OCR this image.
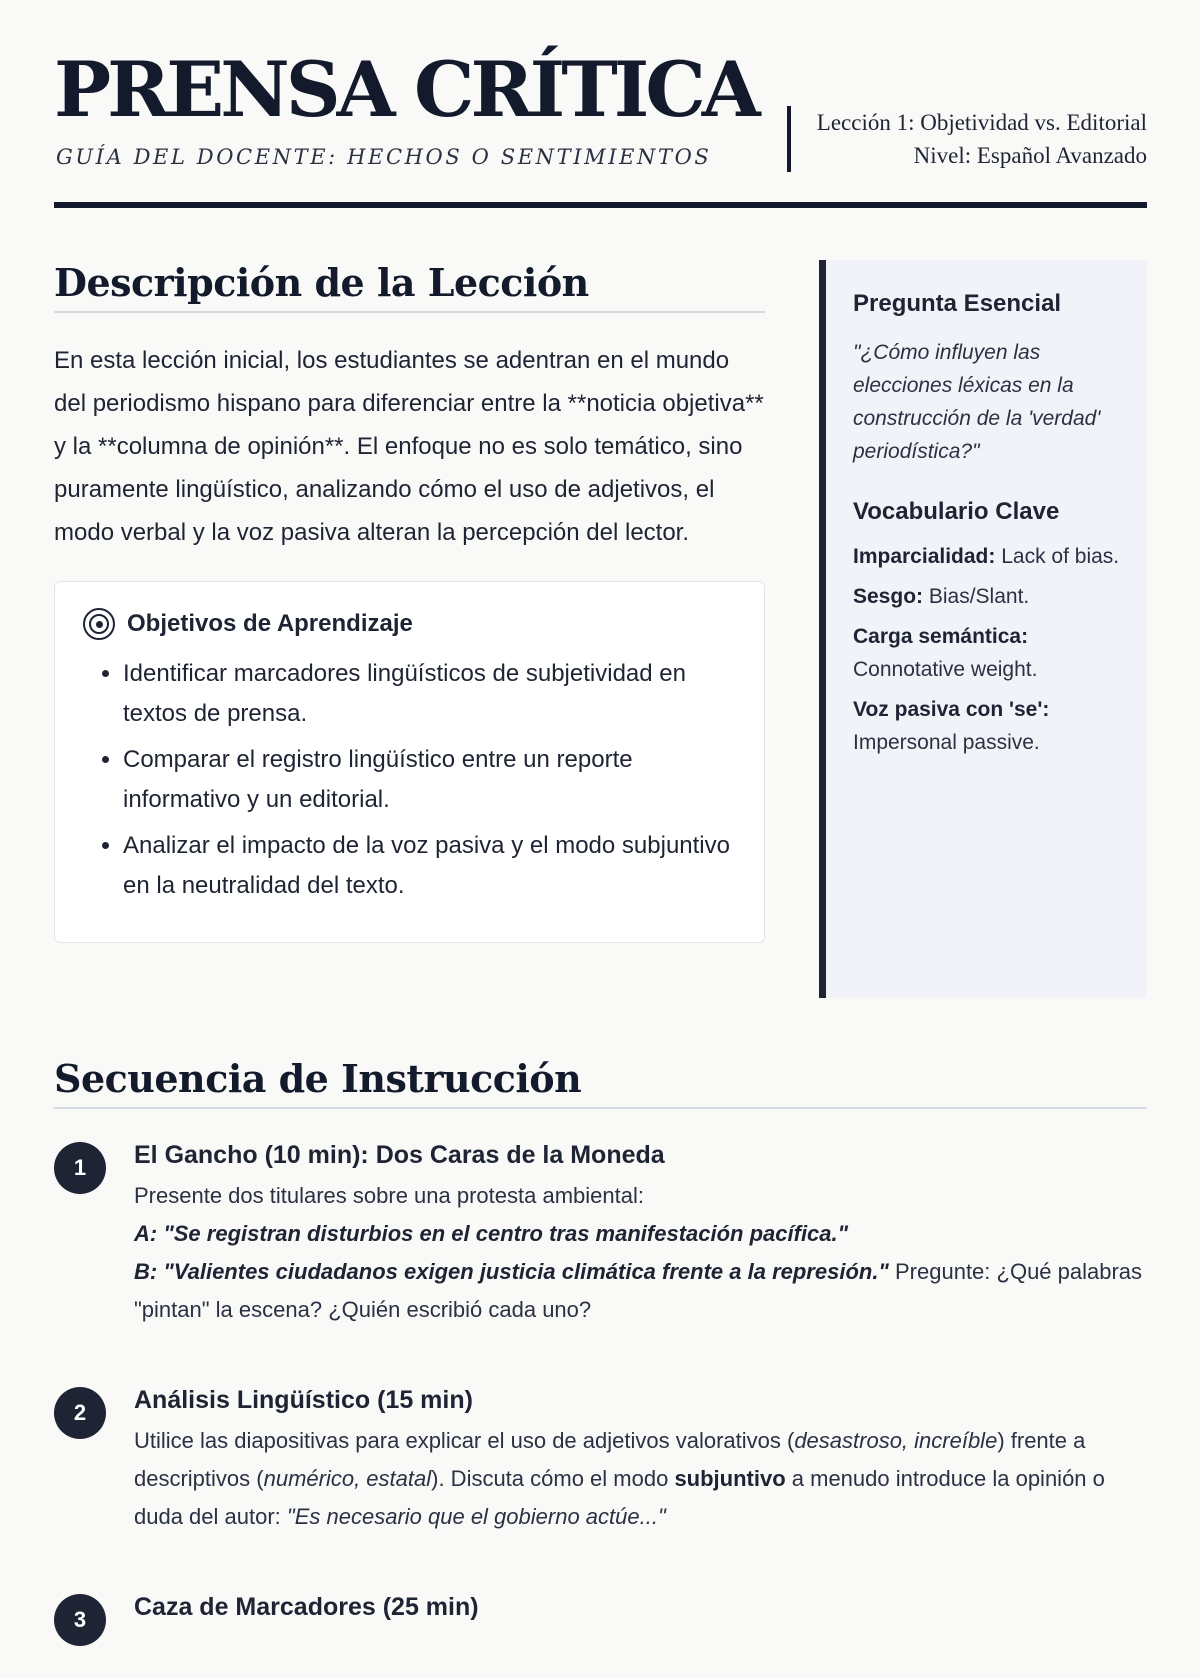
PRENSA CRÍTICA
GUÍA DEL DOCENTE: HECHOS O SENTIMIENTOS
Lección 1: Objetividad vs. Editorial
Nivel: Español Avanzado
Descripción de la Lección

En esta lección inicial, los estudiantes se adentran en el mundo del periodismo hispano para diferenciar entre la **noticia objetiva** y la **columna de opinión**. El enfoque no es solo temático, sino puramente lingüístico, analizando cómo el uso de adjetivos, el modo verbal y la voz pasiva alteran la percepción del lector.

Objetivos de Aprendizaje
• Identificar marcadores lingüísticos de subjetividad en textos de prensa.
• Comparar el registro lingüístico entre un reporte informativo y un editorial.
• Analizar el impacto de la voz pasiva y el modo subjuntivo en la neutralidad del texto.
Pregunta Esencial

"¿Cómo influyen las elecciones léxicas en la construcción de la 'verdad' periodística?"

Vocabulario Clave
Imparcialidad: Lack of bias.
Sesgo: Bias/Slant.
Carga semántica: Connotative weight.
Voz pasiva con 'se': Impersonal passive.
Secuencia de Instrucción
1	El Gancho (10 min): Dos Caras de la Moneda
Presente dos titulares sobre una protesta ambiental:
A: "Se registran disturbios en el centro tras manifestación pacífica."
B: "Valientes ciudadanos exigen justicia climática frente a la represión." Pregunte: ¿Qué palabras "pintan" la escena? ¿Quién escribió cada uno?
2	Análisis Lingüístico (15 min)
Utilice las diapositivas para explicar el uso de adjetivos valorativos (desastroso, increíble) frente a descriptivos (numérico, estatal). Discuta cómo el modo subjuntivo a menudo introduce la opinión o duda del autor: "Es necesario que el gobierno actúe..."
3	Caza de Marcadores (25 min)
